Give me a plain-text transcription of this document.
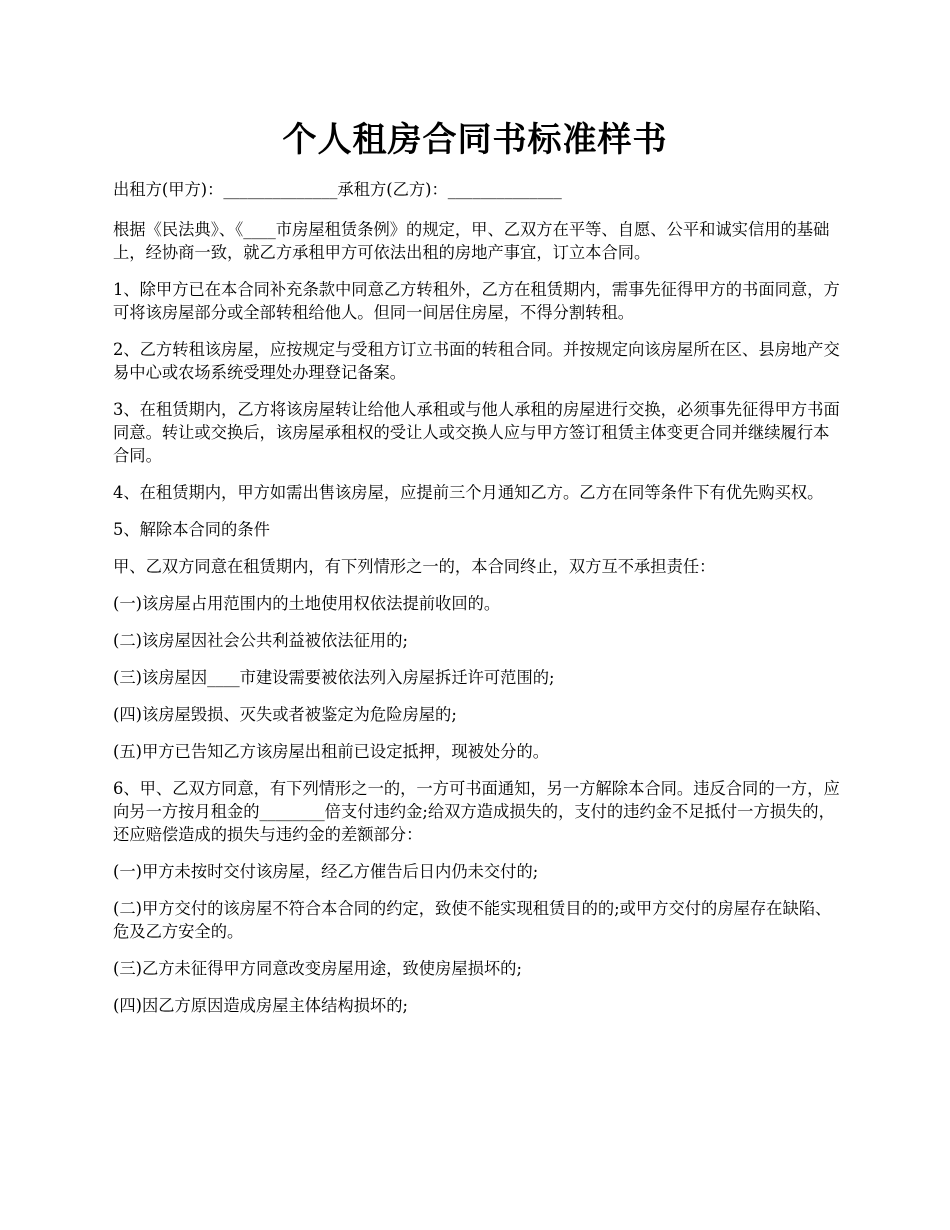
个人租房合同书标准样书

出租方(甲方)：______________承租方(乙方)：______________

根据《民法典》、《____市房屋租赁条例》的规定，甲、乙双方在平等、自愿、公平和诚实信用的基础上，经协商一致，就乙方承租甲方可依法出租的房地产事宜，订立本合同。

1、除甲方已在本合同补充条款中同意乙方转租外，乙方在租赁期内，需事先征得甲方的书面同意，方可将该房屋部分或全部转租给他人。但同一间居住房屋，不得分割转租。

2、乙方转租该房屋，应按规定与受租方订立书面的转租合同。并按规定向该房屋所在区、县房地产交易中心或农场系统受理处办理登记备案。

3、在租赁期内，乙方将该房屋转让给他人承租或与他人承租的房屋进行交换，必须事先征得甲方书面同意。转让或交换后，该房屋承租权的受让人或交换人应与甲方签订租赁主体变更合同并继续履行本合同。

4、在租赁期内，甲方如需出售该房屋，应提前三个月通知乙方。乙方在同等条件下有优先购买权。

5、解除本合同的条件

甲、乙双方同意在租赁期内，有下列情形之一的，本合同终止，双方互不承担责任：

(一)该房屋占用范围内的土地使用权依法提前收回的。

(二)该房屋因社会公共利益被依法征用的;

(三)该房屋因____市建设需要被依法列入房屋拆迁许可范围的;

(四)该房屋毁损、灭失或者被鉴定为危险房屋的;

(五)甲方已告知乙方该房屋出租前已设定抵押，现被处分的。

6、甲、乙双方同意，有下列情形之一的，一方可书面通知，另一方解除本合同。违反合同的一方，应向另一方按月租金的________倍支付违约金;给双方造成损失的，支付的违约金不足抵付一方损失的，还应赔偿造成的损失与违约金的差额部分：

(一)甲方未按时交付该房屋，经乙方催告后日内仍未交付的;

(二)甲方交付的该房屋不符合本合同的约定，致使不能实现租赁目的的;或甲方交付的房屋存在缺陷、危及乙方安全的。

(三)乙方未征得甲方同意改变房屋用途，致使房屋损坏的;

(四)因乙方原因造成房屋主体结构损坏的;
